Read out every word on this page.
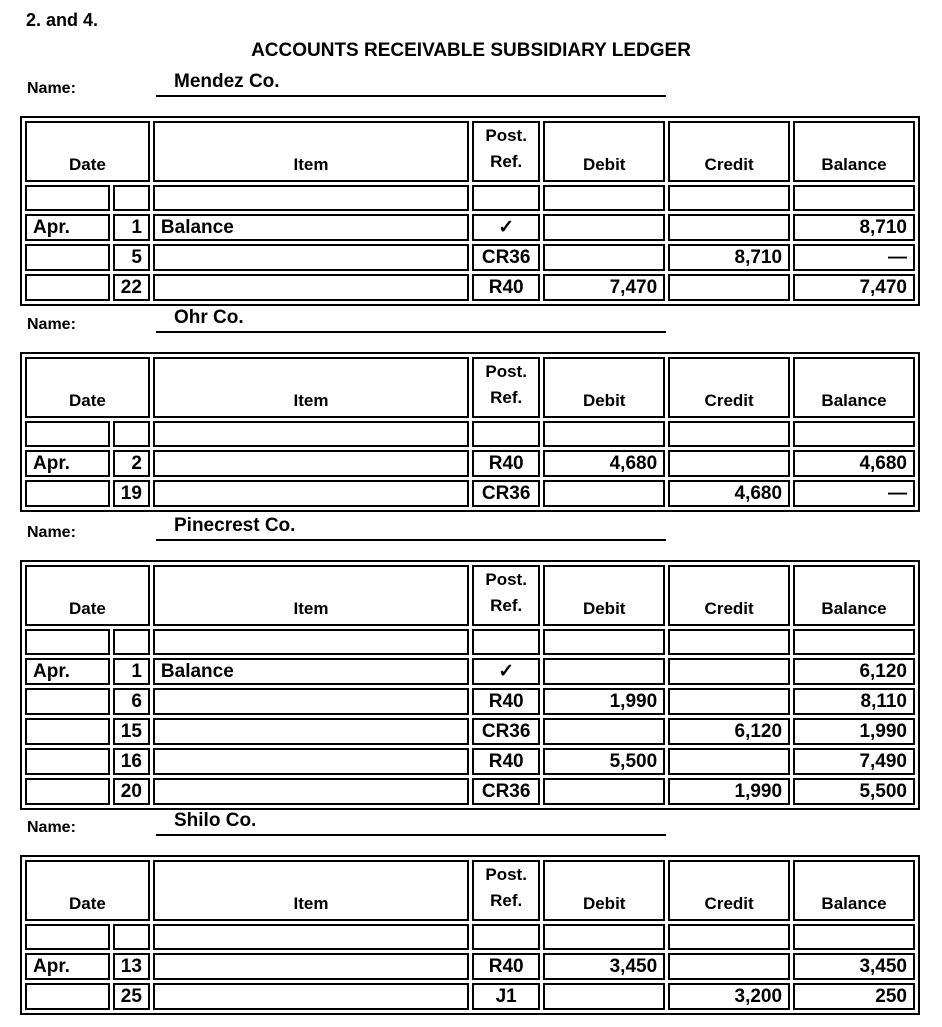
2. and 4.
ACCOUNTS RECEIVABLE SUBSIDIARY LEDGER
Name:	Mendez Co.
Date		Item	Post.
Ref.	Debit	Credit	Balance

Apr.	1	Balance	✓			8,710
	5		CR36		8,710	—
	22		R40	7,470		7,470
Name:	Ohr Co.
Date		Item	Post.
Ref.	Debit	Credit	Balance

Apr.	2		R40	4,680		4,680
	19		CR36		4,680	—
Name:	Pinecrest Co.
Date		Item	Post.
Ref.	Debit	Credit	Balance

Apr.	1	Balance	✓			6,120
	6		R40	1,990		8,110
	15		CR36		6,120	1,990
	16		R40	5,500		7,490
	20		CR36		1,990	5,500
Name:	Shilo Co.
Date		Item	Post.
Ref.	Debit	Credit	Balance

Apr.	13		R40	3,450		3,450
	25		J1		3,200	250
